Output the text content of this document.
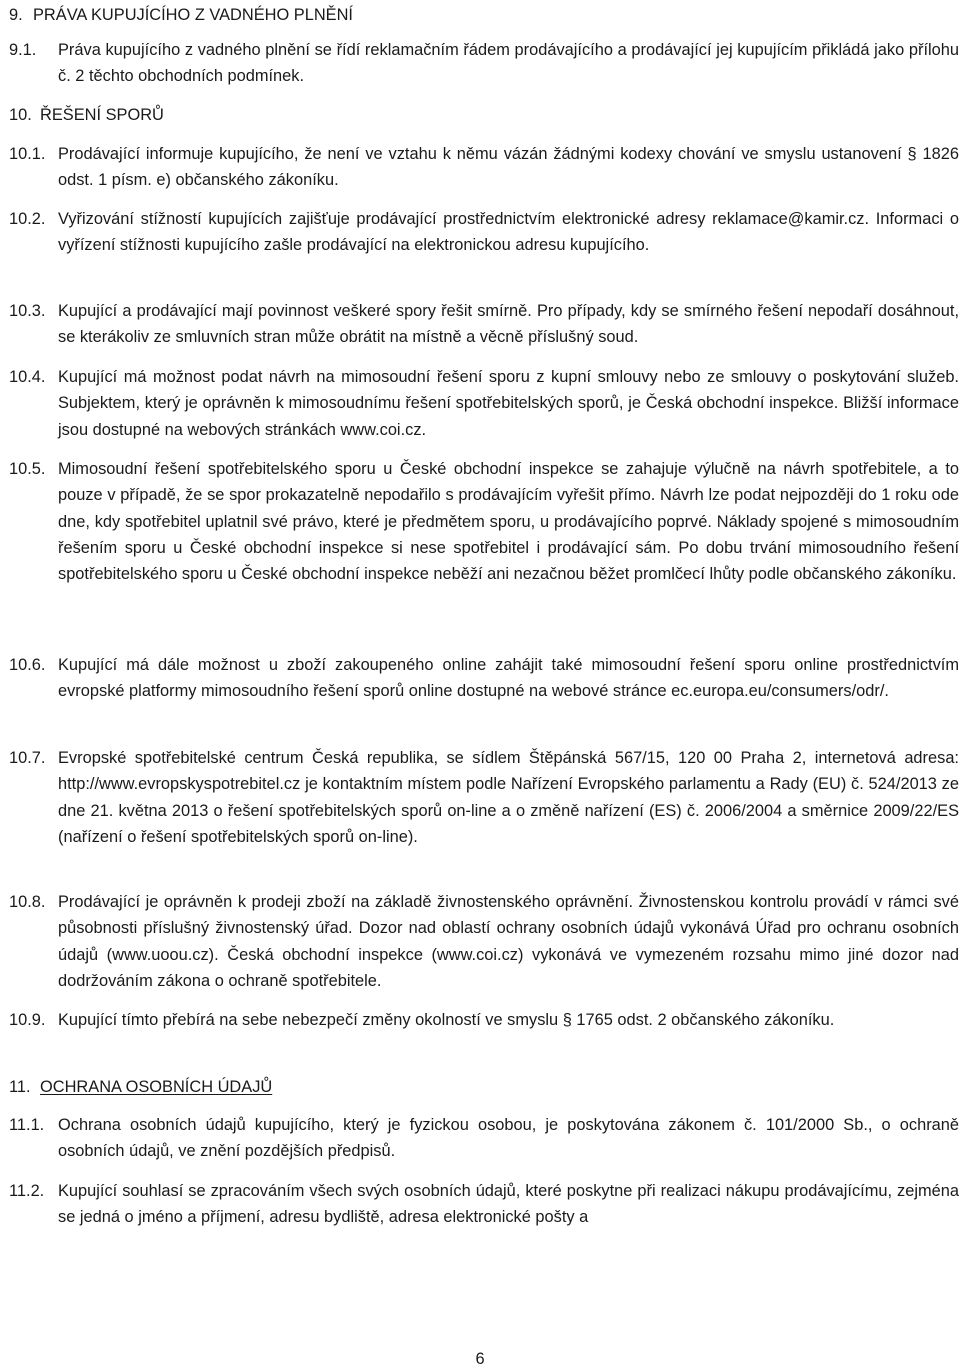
9. PRÁVA KUPUJÍCÍHO Z VADNÉHO PLNĚNÍ
9.1. Práva kupujícího z vadného plnění se řídí reklamačním řádem prodávajícího a prodávající jej kupujícím přikládá jako přílohu č. 2 těchto obchodních podmínek.
10. ŘEŠENÍ SPORŮ
10.1. Prodávající informuje kupujícího, že není ve vztahu k němu vázán žádnými kodexy chování ve smyslu ustanovení § 1826 odst. 1 písm. e) občanského zákoníku.
10.2. Vyřizování stížností kupujících zajišťuje prodávající prostřednictvím elektronické adresy reklamace@kamir.cz. Informaci o vyřízení stížnosti kupujícího zašle prodávající na elektronickou adresu kupujícího.
10.3. Kupující a prodávající mají povinnost veškeré spory řešit smírně. Pro případy, kdy se smírného řešení nepodaří dosáhnout, se kterákoliv ze smluvních stran může obrátit na místně a věcně příslušný soud.
10.4. Kupující má možnost podat návrh na mimosoudní řešení sporu z kupní smlouvy nebo ze smlouvy o poskytování služeb. Subjektem, který je oprávněn k mimosoudnímu řešení spotřebitelských sporů, je Česká obchodní inspekce. Bližší informace jsou dostupné na webových stránkách www.coi.cz.
10.5. Mimosoudní řešení spotřebitelského sporu u České obchodní inspekce se zahajuje výlučně na návrh spotřebitele, a to pouze v případě, že se spor prokazatelně nepodařilo s prodávajícím vyřešit přímo. Návrh lze podat nejpozději do 1 roku ode dne, kdy spotřebitel uplatnil své právo, které je předmětem sporu, u prodávajícího poprvé. Náklady spojené s mimosoudním řešením sporu u České obchodní inspekce si nese spotřebitel i prodávající sám. Po dobu trvání mimosoudního řešení spotřebitelského sporu u České obchodní inspekce neběží ani nezačnou běžet promlčecí lhůty podle občanského zákoníku.
10.6. Kupující má dále možnost u zboží zakoupeného online zahájit také mimosoudní řešení sporu online prostřednictvím evropské platformy mimosoudního řešení sporů online dostupné na webové stránce ec.europa.eu/consumers/odr/.
10.7. Evropské spotřebitelské centrum Česká republika, se sídlem Štěpánská 567/15, 120 00 Praha 2, internetová adresa: http://www.evropskyspotrebitel.cz je kontaktním místem podle Nařízení Evropského parlamentu a Rady (EU) č. 524/2013 ze dne 21. května 2013 o řešení spotřebitelských sporů on-line a o změně nařízení (ES) č. 2006/2004 a směrnice 2009/22/ES (nařízení o řešení spotřebitelských sporů on-line).
10.8. Prodávající je oprávněn k prodeji zboží na základě živnostenského oprávnění. Živnostenskou kontrolu provádí v rámci své působnosti příslušný živnostenský úřad. Dozor nad oblastí ochrany osobních údajů vykonává Úřad pro ochranu osobních údajů (www.uoou.cz). Česká obchodní inspekce (www.coi.cz) vykonává ve vymezeném rozsahu mimo jiné dozor nad dodržováním zákona o ochraně spotřebitele.
10.9. Kupující tímto přebírá na sebe nebezpečí změny okolností ve smyslu § 1765 odst. 2 občanského zákoníku.
11. OCHRANA OSOBNÍCH ÚDAJŮ
11.1. Ochrana osobních údajů kupujícího, který je fyzickou osobou, je poskytována zákonem č. 101/2000 Sb., o ochraně osobních údajů, ve znění pozdějších předpisů.
11.2. Kupující souhlasí se zpracováním všech svých osobních údajů, které poskytne při realizaci nákupu prodávajícímu, zejména se jedná o jméno a příjmení, adresu bydliště, adresa elektronické pošty a
6
